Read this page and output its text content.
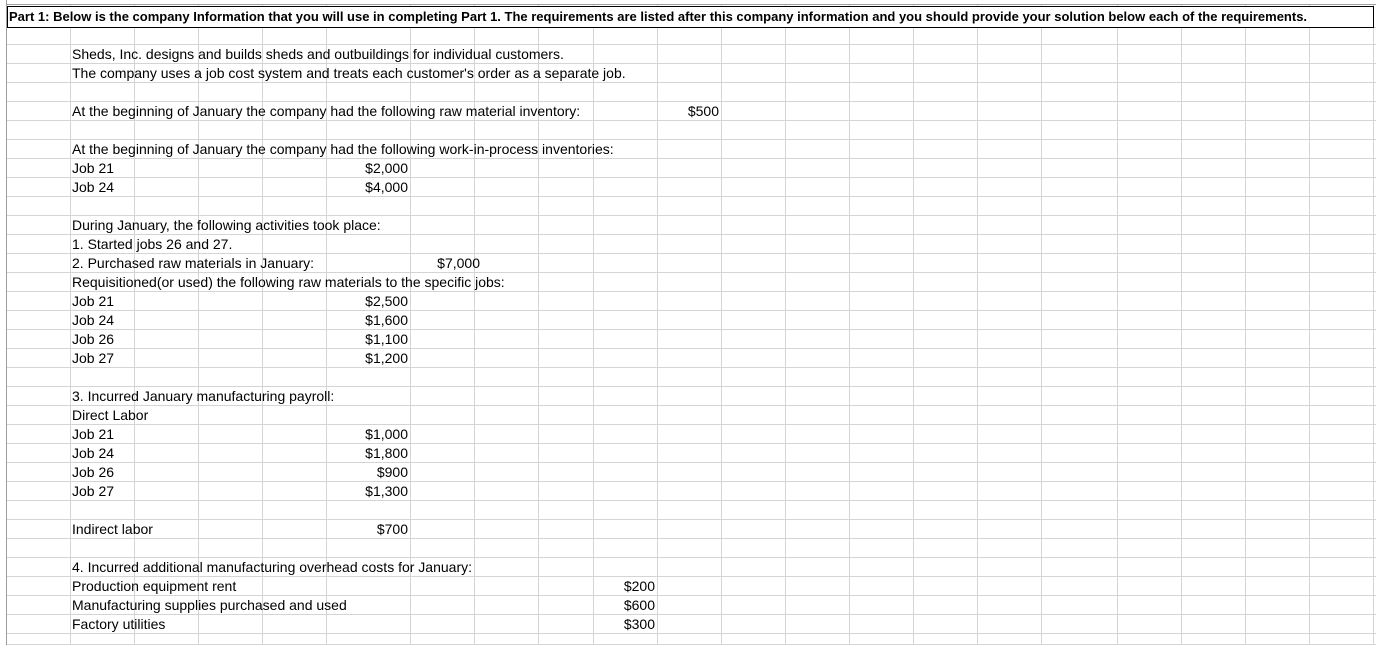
Part 1: Below is the company Information that you will use in completing Part 1. The requirements are listed after this company information and you should provide your solution below each of the requirements.
Sheds, Inc. designs and builds sheds and outbuildings for individual customers.
The company uses a job cost system and treats each customer's order as a separate job.
At the beginning of January the company had the following raw material inventory:	$500
At the beginning of January the company had the following work-in-process inventories:
Job 21	$2,000
Job 24	$4,000
During January, the following activities took place:
1. Started jobs 26 and 27.
2. Purchased raw materials in January:	$7,000
Requisitioned(or used) the following raw materials to the specific jobs:
Job 21	$2,500
Job 24	$1,600
Job 26	$1,100
Job 27	$1,200
3. Incurred January manufacturing payroll:
Direct Labor
Job 21	$1,000
Job 24	$1,800
Job 26	$900
Job 27	$1,300
Indirect labor	$700
4. Incurred additional manufacturing overhead costs for January:
Production equipment rent	$200
Manufacturing supplies purchased and used	$600
Factory utilities	$300
